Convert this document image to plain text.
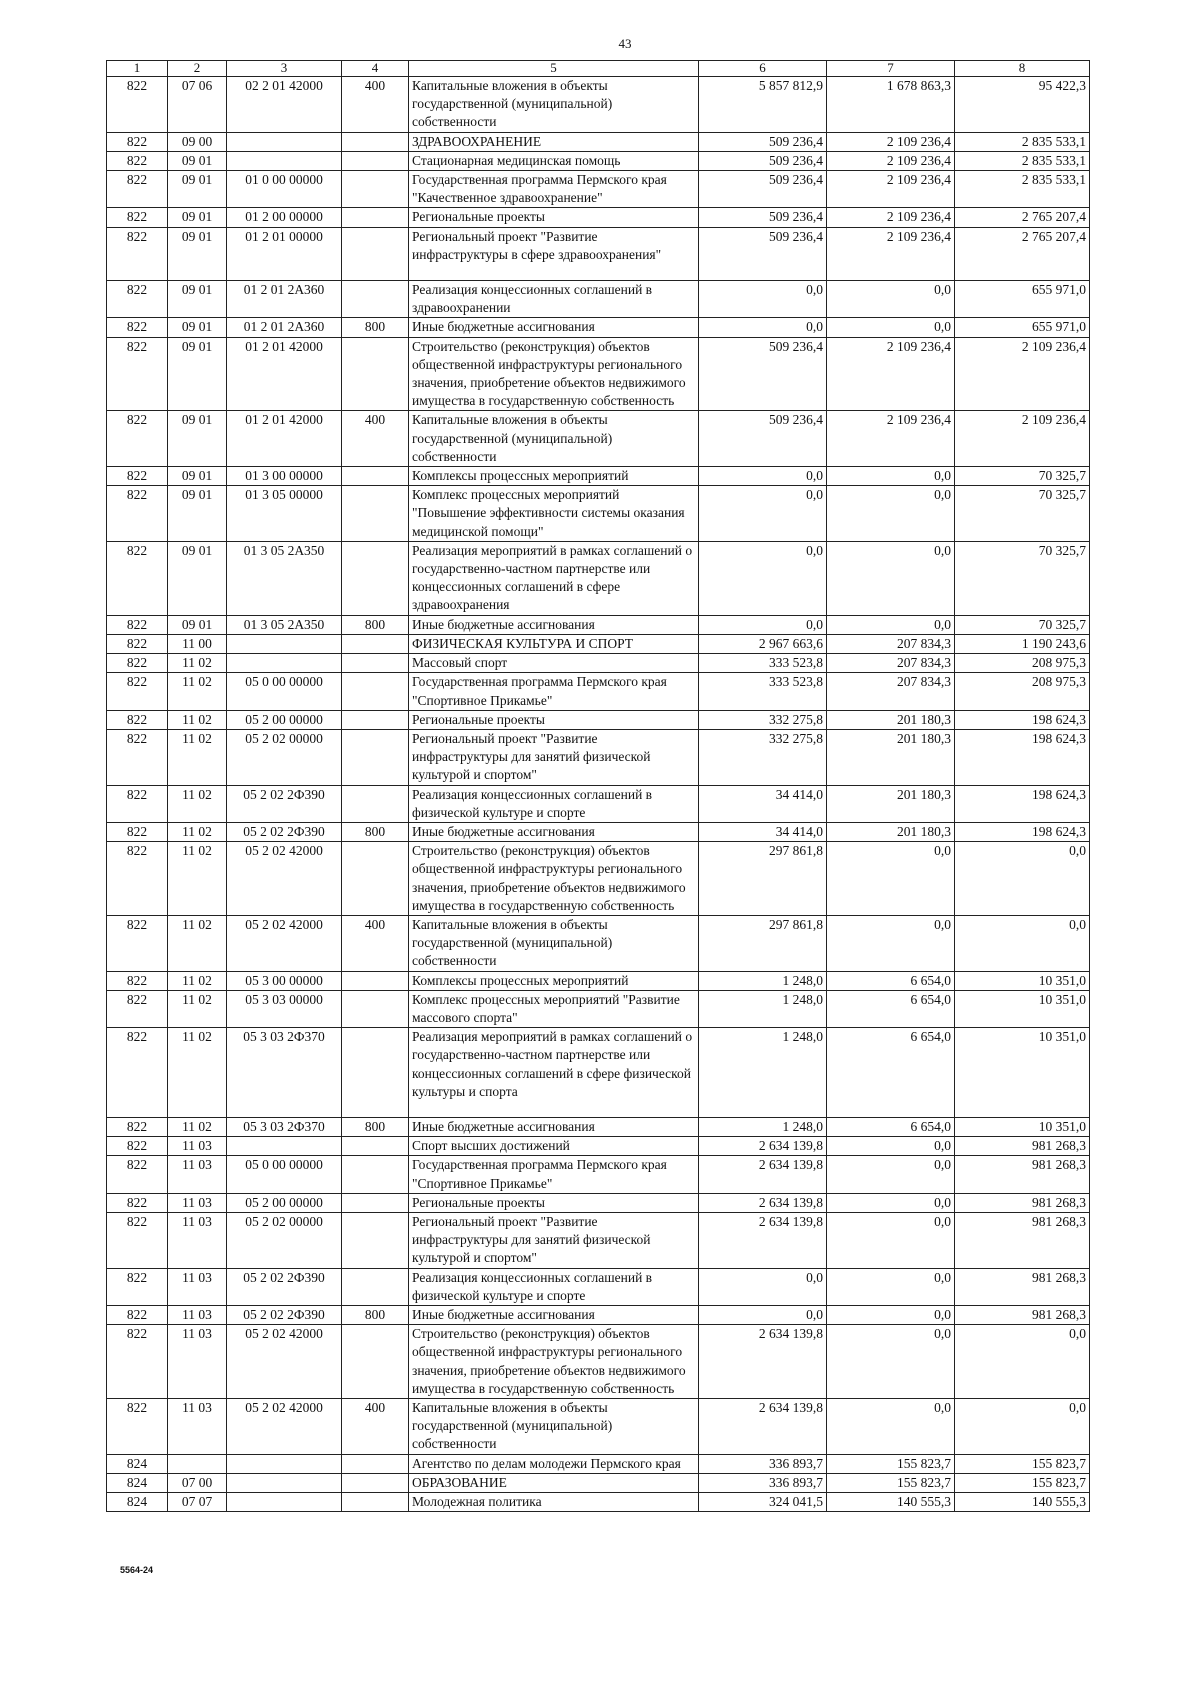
43
1	2	3	4	5	6	7	8
822	07 06	02 2 01 42000	400	Капитальные вложения в объекты государственной (муниципальной) собственности	5 857 812,9	1 678 863,3	95 422,3
822	09 00			ЗДРАВООХРАНЕНИЕ	509 236,4	2 109 236,4	2 835 533,1
822	09 01			Стационарная медицинская помощь	509 236,4	2 109 236,4	2 835 533,1
822	09 01	01 0 00 00000		Государственная программа Пермского края "Качественное здравоохранение"	509 236,4	2 109 236,4	2 835 533,1
822	09 01	01 2 00 00000		Региональные проекты	509 236,4	2 109 236,4	2 765 207,4
822	09 01	01 2 01 00000		Региональный проект "Развитие инфраструктуры в сфере здравоохранения"	509 236,4	2 109 236,4	2 765 207,4
822	09 01	01 2 01 2А360		Реализация концессионных соглашений в здравоохранении	0,0	0,0	655 971,0
822	09 01	01 2 01 2А360	800	Иные бюджетные ассигнования	0,0	0,0	655 971,0
822	09 01	01 2 01 42000		Строительство (реконструкция) объектов общественной инфраструктуры регионального значения, приобретение объектов недвижимого имущества в государственную собственность	509 236,4	2 109 236,4	2 109 236,4
822	09 01	01 2 01 42000	400	Капитальные вложения в объекты государственной (муниципальной) собственности	509 236,4	2 109 236,4	2 109 236,4
822	09 01	01 3 00 00000		Комплексы процессных мероприятий	0,0	0,0	70 325,7
822	09 01	01 3 05 00000		Комплекс процессных мероприятий "Повышение эффективности системы оказания медицинской помощи"	0,0	0,0	70 325,7
822	09 01	01 3 05 2А350		Реализация мероприятий в рамках соглашений о государственно-частном партнерстве или концессионных соглашений в сфере здравоохранения	0,0	0,0	70 325,7
822	09 01	01 3 05 2А350	800	Иные бюджетные ассигнования	0,0	0,0	70 325,7
822	11 00			ФИЗИЧЕСКАЯ КУЛЬТУРА И СПОРТ	2 967 663,6	207 834,3	1 190 243,6
822	11 02			Массовый спорт	333 523,8	207 834,3	208 975,3
822	11 02	05 0 00 00000		Государственная программа Пермского края "Спортивное Прикамье"	333 523,8	207 834,3	208 975,3
822	11 02	05 2 00 00000		Региональные проекты	332 275,8	201 180,3	198 624,3
822	11 02	05 2 02 00000		Региональный проект "Развитие инфраструктуры для занятий физической культурой и спортом"	332 275,8	201 180,3	198 624,3
822	11 02	05 2 02 2Ф390		Реализация концессионных соглашений в физической культуре и спорте	34 414,0	201 180,3	198 624,3
822	11 02	05 2 02 2Ф390	800	Иные бюджетные ассигнования	34 414,0	201 180,3	198 624,3
822	11 02	05 2 02 42000		Строительство (реконструкция) объектов общественной инфраструктуры регионального значения, приобретение объектов недвижимого имущества в государственную собственность	297 861,8	0,0	0,0
822	11 02	05 2 02 42000	400	Капитальные вложения в объекты государственной (муниципальной) собственности	297 861,8	0,0	0,0
822	11 02	05 3 00 00000		Комплексы процессных мероприятий	1 248,0	6 654,0	10 351,0
822	11 02	05 3 03 00000		Комплекс процессных мероприятий "Развитие массового спорта"	1 248,0	6 654,0	10 351,0
822	11 02	05 3 03 2Ф370		Реализация мероприятий в рамках соглашений о государственно-частном партнерстве или концессионных соглашений в сфере физической культуры и спорта	1 248,0	6 654,0	10 351,0
822	11 02	05 3 03 2Ф370	800	Иные бюджетные ассигнования	1 248,0	6 654,0	10 351,0
822	11 03			Спорт высших достижений	2 634 139,8	0,0	981 268,3
822	11 03	05 0 00 00000		Государственная программа Пермского края "Спортивное Прикамье"	2 634 139,8	0,0	981 268,3
822	11 03	05 2 00 00000		Региональные проекты	2 634 139,8	0,0	981 268,3
822	11 03	05 2 02 00000		Региональный проект "Развитие инфраструктуры для занятий физической культурой и спортом"	2 634 139,8	0,0	981 268,3
822	11 03	05 2 02 2Ф390		Реализация концессионных соглашений в физической культуре и спорте	0,0	0,0	981 268,3
822	11 03	05 2 02 2Ф390	800	Иные бюджетные ассигнования	0,0	0,0	981 268,3
822	11 03	05 2 02 42000		Строительство (реконструкция) объектов общественной инфраструктуры регионального значения, приобретение объектов недвижимого имущества в государственную собственность	2 634 139,8	0,0	0,0
822	11 03	05 2 02 42000	400	Капитальные вложения в объекты государственной (муниципальной) собственности	2 634 139,8	0,0	0,0
824				Агентство по делам молодежи Пермского края	336 893,7	155 823,7	155 823,7
824	07 00			ОБРАЗОВАНИЕ	336 893,7	155 823,7	155 823,7
824	07 07			Молодежная политика	324 041,5	140 555,3	140 555,3
5564-24
